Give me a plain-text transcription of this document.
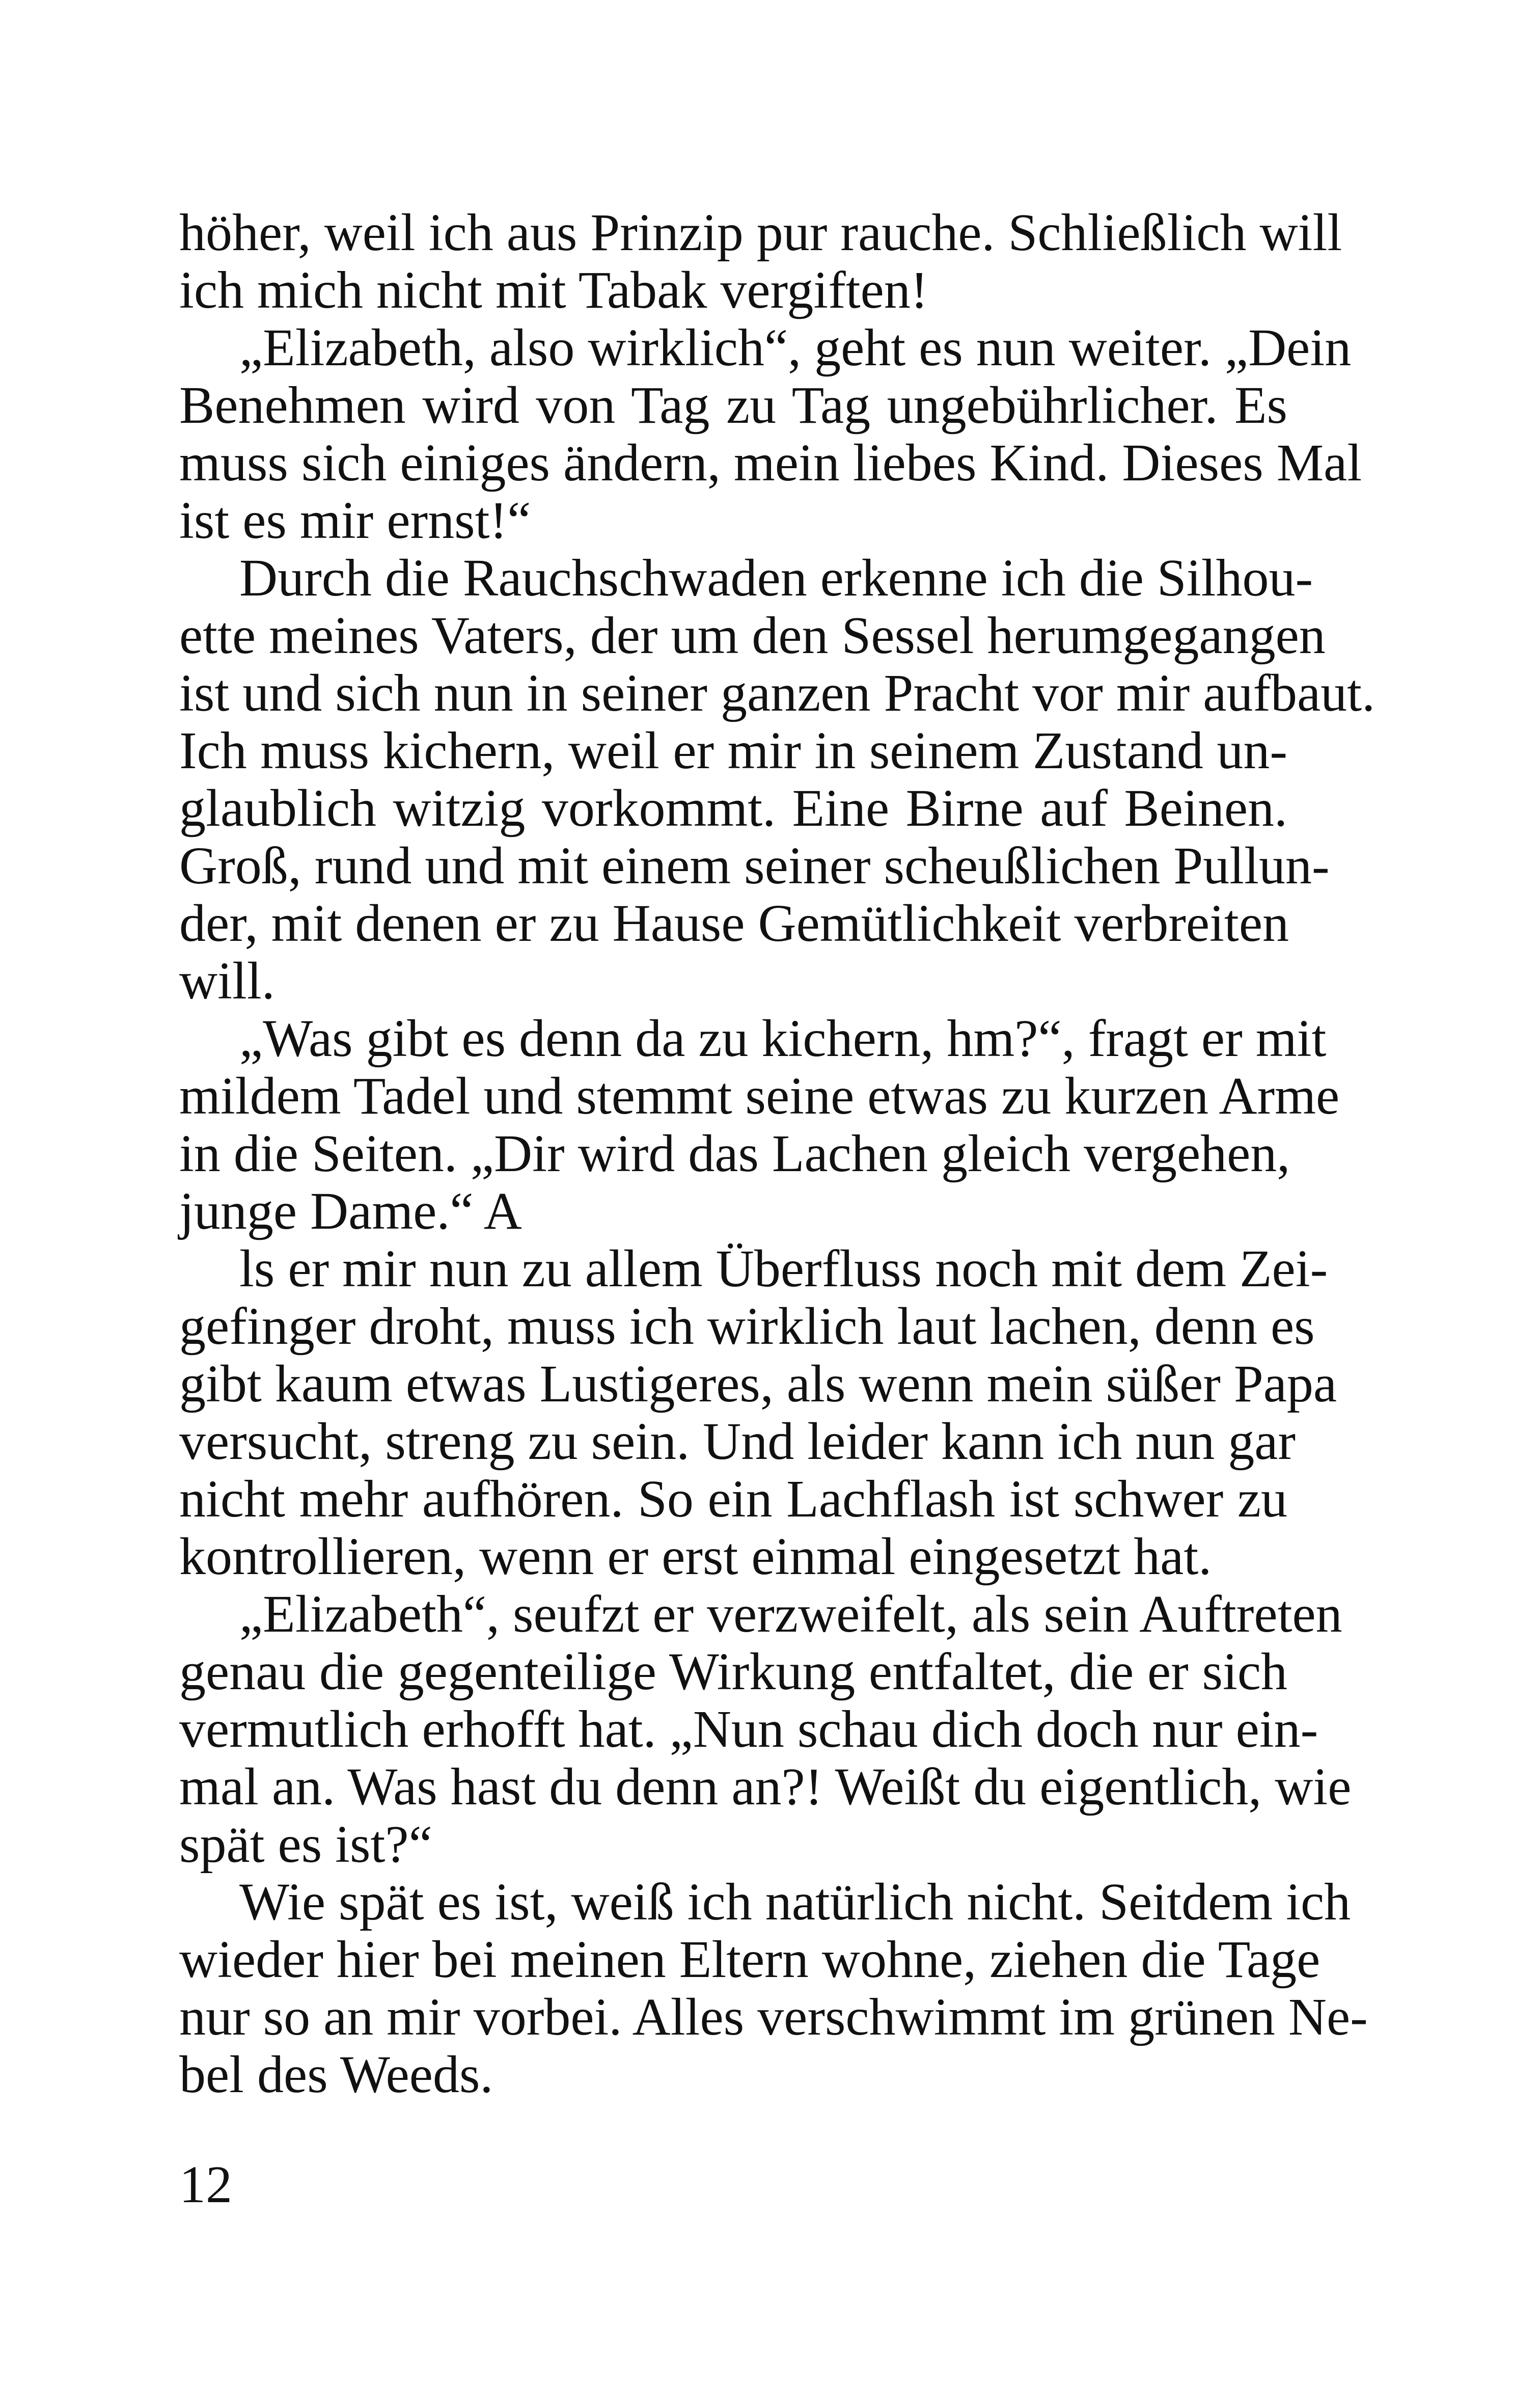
höher, weil ich aus Prinzip pur rauche. Schließlich will
ich mich nicht mit Tabak vergiften!
„Elizabeth, also wirklich“, geht es nun weiter. „Dein
Benehmen wird von Tag zu Tag ungebührlicher. Es
muss sich einiges ändern, mein liebes Kind. Dieses Mal
ist es mir ernst!“
Durch die Rauchschwaden erkenne ich die Silhou-
ette meines Vaters, der um den Sessel herumgegangen
ist und sich nun in seiner ganzen Pracht vor mir aufbaut.
Ich muss kichern, weil er mir in seinem Zustand un-
glaublich witzig vorkommt. Eine Birne auf Beinen.
Groß, rund und mit einem seiner scheußlichen Pullun-
der, mit denen er zu Hause Gemütlichkeit verbreiten
will.
„Was gibt es denn da zu kichern, hm?“, fragt er mit
mildem Tadel und stemmt seine etwas zu kurzen Arme
in die Seiten. „Dir wird das Lachen gleich vergehen,
junge Dame.“ A
ls er mir nun zu allem Überfluss noch mit dem Zei-
gefinger droht, muss ich wirklich laut lachen, denn es
gibt kaum etwas Lustigeres, als wenn mein süßer Papa
versucht, streng zu sein. Und leider kann ich nun gar
nicht mehr aufhören. So ein Lachflash ist schwer zu
kontrollieren, wenn er erst einmal eingesetzt hat.
„Elizabeth“, seufzt er verzweifelt, als sein Auftreten
genau die gegenteilige Wirkung entfaltet, die er sich
vermutlich erhofft hat. „Nun schau dich doch nur ein-
mal an. Was hast du denn an?! Weißt du eigentlich, wie
spät es ist?“
Wie spät es ist, weiß ich natürlich nicht. Seitdem ich
wieder hier bei meinen Eltern wohne, ziehen die Tage
nur so an mir vorbei. Alles verschwimmt im grünen Ne-
bel des Weeds.
12
